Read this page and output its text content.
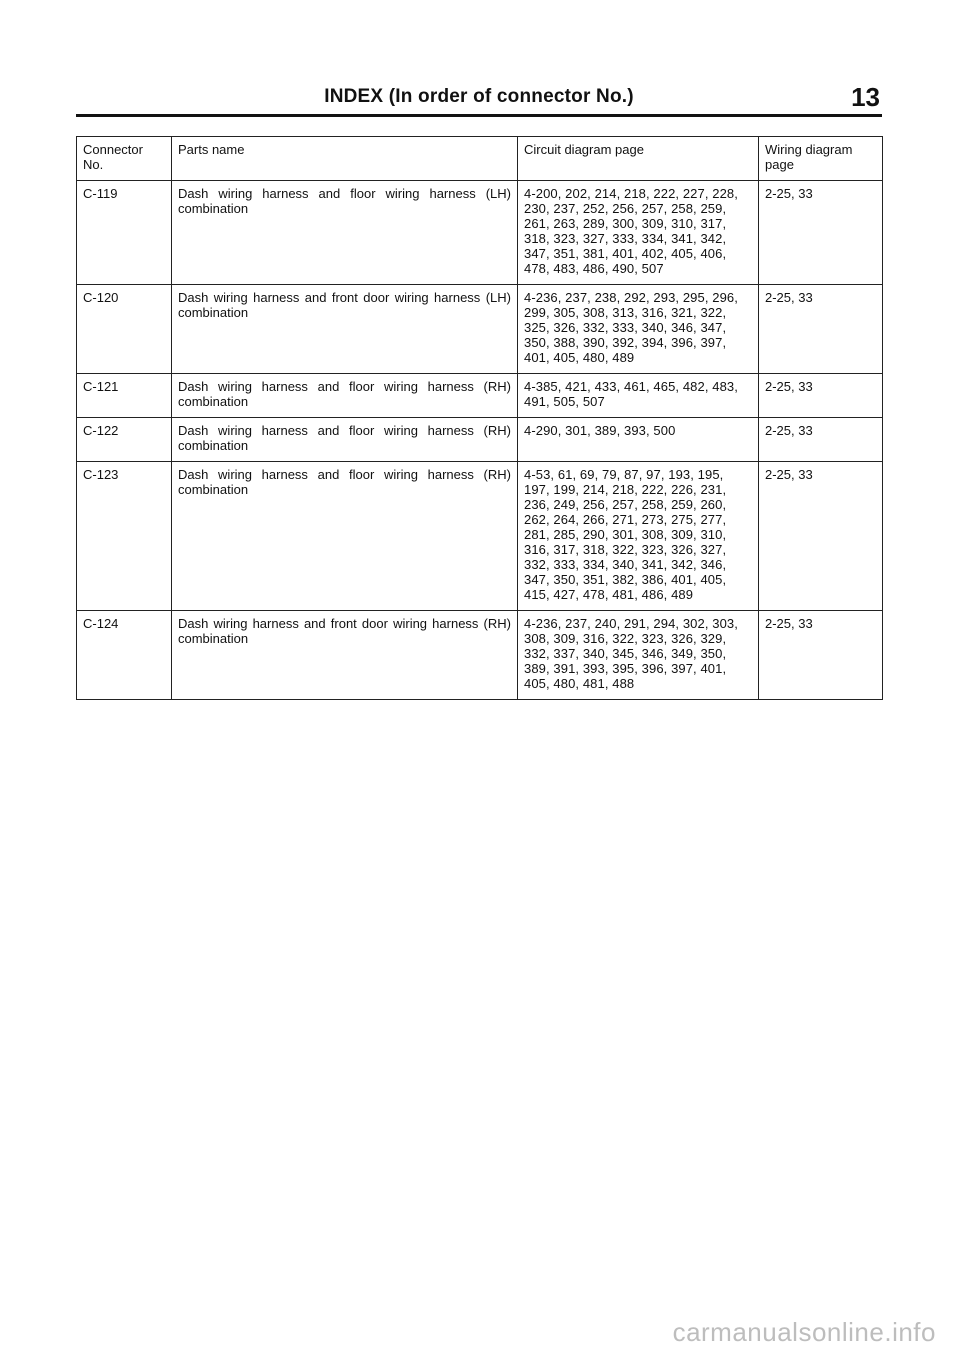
INDEX (In order of connector No.)	13
Connector No.	Parts name	Circuit diagram page	Wiring diagram page
C-119	Dash wiring harness and floor wiring harness (LH) combination	4-200, 202, 214, 218, 222, 227, 228, 230, 237, 252, 256, 257, 258, 259, 261, 263, 289, 300, 309, 310, 317, 318, 323, 327, 333, 334, 341, 342, 347, 351, 381, 401, 402, 405, 406, 478, 483, 486, 490, 507	2-25, 33
C-120	Dash wiring harness and front door wiring harness (LH) combination	4-236, 237, 238, 292, 293, 295, 296, 299, 305, 308, 313, 316, 321, 322, 325, 326, 332, 333, 340, 346, 347, 350, 388, 390, 392, 394, 396, 397, 401, 405, 480, 489	2-25, 33
C-121	Dash wiring harness and floor wiring harness (RH) combination	4-385, 421, 433, 461, 465, 482, 483, 491, 505, 507	2-25, 33
C-122	Dash wiring harness and floor wiring harness (RH) combination	4-290, 301, 389, 393, 500	2-25, 33
C-123	Dash wiring harness and floor wiring harness (RH) combination	4-53, 61, 69, 79, 87, 97, 193, 195, 197, 199, 214, 218, 222, 226, 231, 236, 249, 256, 257, 258, 259, 260, 262, 264, 266, 271, 273, 275, 277, 281, 285, 290, 301, 308, 309, 310, 316, 317, 318, 322, 323, 326, 327, 332, 333, 334, 340, 341, 342, 346, 347, 350, 351, 382, 386, 401, 405, 415, 427, 478, 481, 486, 489	2-25, 33
C-124	Dash wiring harness and front door wiring harness (RH) combination	4-236, 237, 240, 291, 294, 302, 303, 308, 309, 316, 322, 323, 326, 329, 332, 337, 340, 345, 346, 349, 350, 389, 391, 393, 395, 396, 397, 401, 405, 480, 481, 488	2-25, 33
carmanualsonline.info
